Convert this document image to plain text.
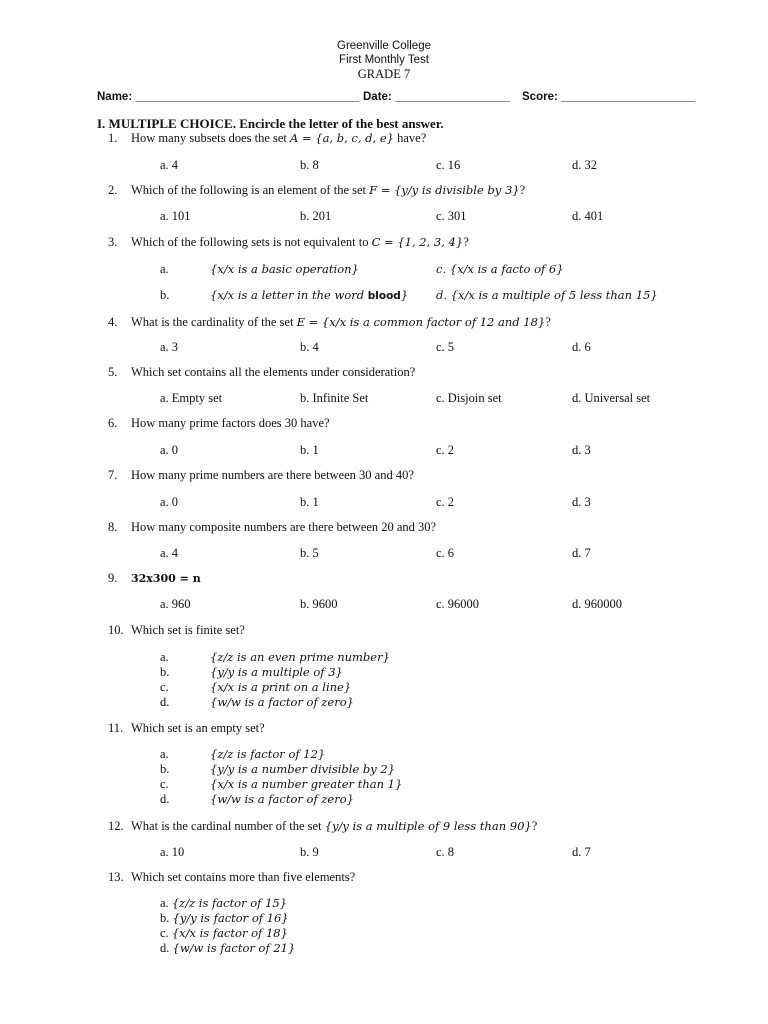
Greenville College
First Monthly Test
GRADE 7
Name: ___________________________________ Date: __________________ Score: _____________________
I. MULTIPLE CHOICE. Encircle the letter of the best answer.
1. How many subsets does the set A = {a, b, c, d, e} have?
a. 4	b. 8	c. 16	d. 32
2. Which of the following is an element of the set F = {y/y is divisible by 3}?
a. 101	b. 201	c. 301	d. 401
3. Which of the following sets is not equivalent to C = {1, 2, 3, 4}?
a.	{x/x is a basic operation}	c. {x/x is a facto of 6}
b.	{x/x is a letter in the word blood} d. {x/x is a multiple of 5 less than 15}
4. What is the cardinality of the set E = {x/x is a common factor of 12 and 18}?
a. 3	b. 4	c. 5	d. 6
5. Which set contains all the elements under consideration?
a. Empty set	b. Infinite Set	c. Disjoin set	d. Universal set
6. How many prime factors does 30 have?
a. 0	b. 1	c. 2	d. 3
7. How many prime numbers are there between 30 and 40?
a. 0	b. 1	c. 2	d. 3
8. How many composite numbers are there between 20 and 30?
a. 4	b. 5	c. 6	d. 7
9. 32x300 = n
a. 960	b. 9600	c. 96000	d. 960000
10. Which set is finite set?
a.	{z/z is an even prime number}
b.	{y/y is a multiple of 3}
c.	{x/x is a print on a line}
d.	{w/w is a factor of zero}
11. Which set is an empty set?
a.	{z/z is factor of 12}
b.	{y/y is a number divisible by 2}
c.	{x/x is a number greater than 1}
d.	{w/w is a factor of zero}
12. What is the cardinal number of the set {y/y is a multiple of 9 less than 90}?
a. 10	b. 9	c. 8	d. 7
13. Which set contains more than five elements?
a. {z/z is factor of 15}
b. {y/y is factor of 16}
c. {x/x is factor of 18}
d. {w/w is factor of 21}
